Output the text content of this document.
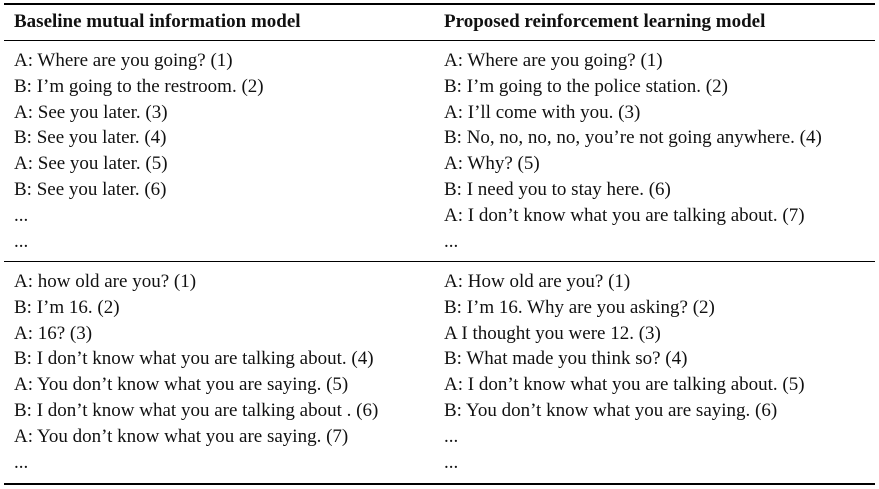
Baseline mutual information model	Proposed reinforcement learning model
A: Where are you going? (1)
B: I’m going to the restroom. (2)
A: See you later. (3)
B: See you later. (4)
A: See you later. (5)
B: See you later. (6)
...
...
A: Where are you going? (1)
B: I’m going to the police station. (2)
A: I’ll come with you. (3)
B: No, no, no, no, you’re not going anywhere. (4)
A: Why? (5)
B: I need you to stay here. (6)
A: I don’t know what you are talking about. (7)
...
A: how old are you? (1)
B: I’m 16. (2)
A: 16? (3)
B: I don’t know what you are talking about. (4)
A: You don’t know what you are saying. (5)
B: I don’t know what you are talking about . (6)
A: You don’t know what you are saying. (7)
...
A: How old are you? (1)
B: I’m 16. Why are you asking? (2)
A I thought you were 12. (3)
B: What made you think so? (4)
A: I don’t know what you are talking about. (5)
B: You don’t know what you are saying. (6)
...
...
